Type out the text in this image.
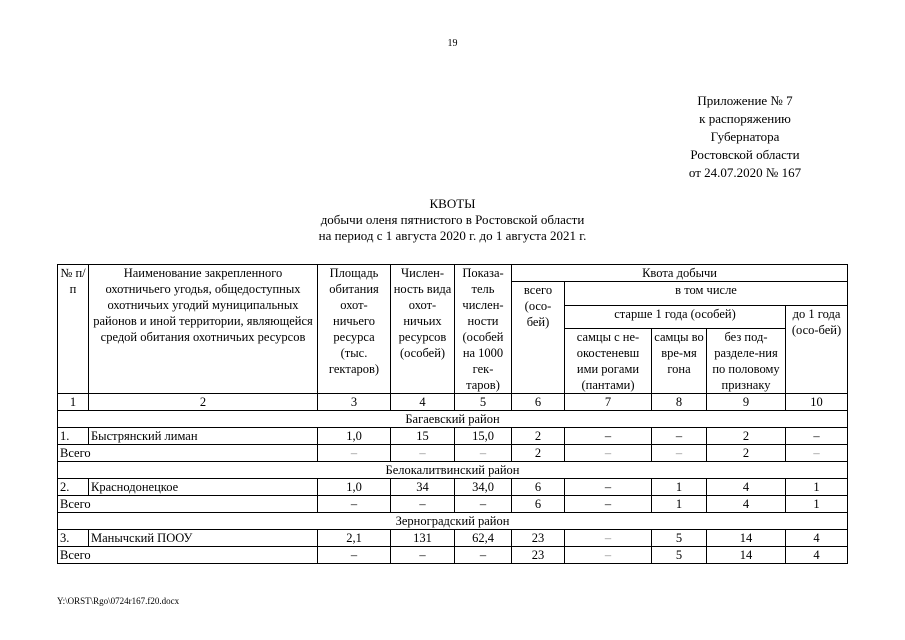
19
Приложение № 7
к распоряжению
Губернатора
Ростовской области
от 24.07.2020 № 167
КВОТЫ
добычи оленя пятнистого в Ростовской области
на период с 1 августа 2020 г. до 1 августа 2021 г.
№ п/п	Наименование закрепленного охотничьего угодья, общедоступных охотничьих угодий муниципальных районов и иной территории, являющейся средой обитания охотничьих ресурсов	Площадь обитания охот-ничьего ресурса (тыс. гектаров)	Числен-ность вида охот-ничьих ресурсов (особей)	Показа-тель числен-ности (особей на 1000 гек-таров)	Квота добычи				
					всего (осо-бей)	в том числе			
						старше 1 года (особей)			до 1 года (осо-бей)
						самцы с не-окостеневш ими рогами (пантами)	самцы во вре-мя гона	без под-разделе-ния по половому признаку	
1	2	3	4	5	6	7	8	9	10
Багаевский район									
1.	Быстрянский лиман	1,0	15	15,0	2	–	–	2	–
Всего		–	–	–	2	–	–	2	–
Белокалитвинский район									
2.	Краснодонецкое	1,0	34	34,0	6	–	1	4	1
Всего		–	–	–	6	–	1	4	1
Зерноградский район									
3.	Манычский ПООУ	2,1	131	62,4	23	–	5	14	4
Всего		–	–	–	23	–	5	14	4
Y:\ORST\Rgo\0724r167.f20.docx
